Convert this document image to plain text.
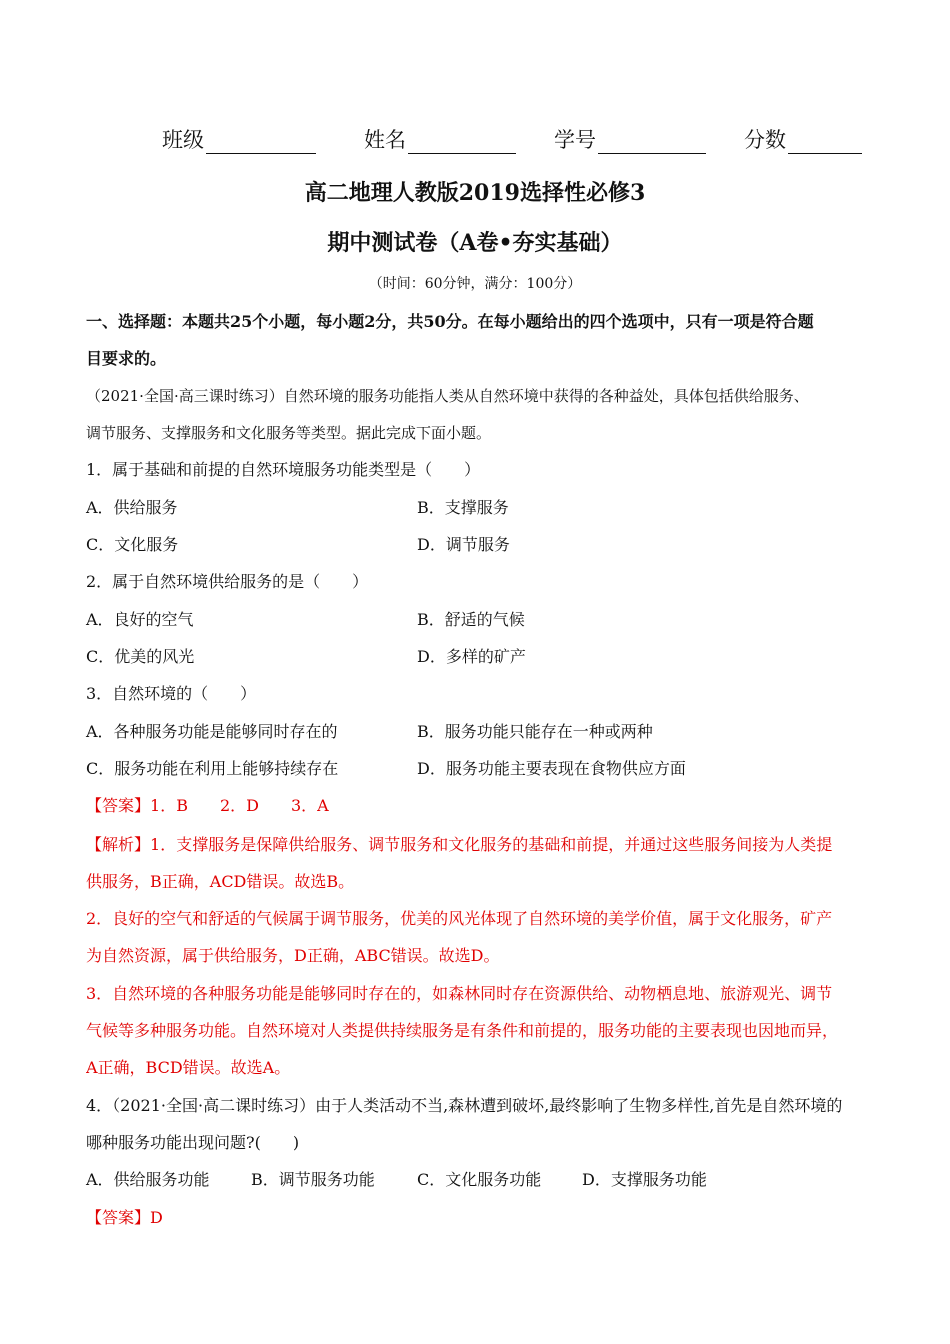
班级	姓名	学号	分数
高二地理人教版2019选择性必修3
期中测试卷（A卷•夯实基础）
（时间：60分钟，满分：100分）
一、选择题：本题共25个小题，每小题2分，共50分。在每小题给出的四个选项中，只有一项是符合题
目要求的。
（2021·全国·高三课时练习）自然环境的服务功能指人类从自然环境中获得的各种益处，具体包括供给服务、
调节服务、支撑服务和文化服务等类型。据此完成下面小题。
1．属于基础和前提的自然环境服务功能类型是（　　）
A．供给服务	B．支撑服务
C．文化服务	D．调节服务
2．属于自然环境供给服务的是（　　）
A．良好的空气	B．舒适的气候
C．优美的风光	D．多样的矿产
3．自然环境的（　　）
A．各种服务功能是能够同时存在的	B．服务功能只能存在一种或两种
C．服务功能在利用上能够持续存在	D．服务功能主要表现在食物供应方面
【答案】1．B　　2．D　　3．A
【解析】1．支撑服务是保障供给服务、调节服务和文化服务的基础和前提，并通过这些服务间接为人类提
供服务，B正确，ACD错误。故选B。
2．良好的空气和舒适的气候属于调节服务，优美的风光体现了自然环境的美学价值，属于文化服务，矿产
为自然资源，属于供给服务，D正确，ABC错误。故选D。
3．自然环境的各种服务功能是能够同时存在的，如森林同时存在资源供给、动物栖息地、旅游观光、调节
气候等多种服务功能。自然环境对人类提供持续服务是有条件和前提的，服务功能的主要表现也因地而异，
A正确，BCD错误。故选A。
4．（2021·全国·高二课时练习）由于人类活动不当,森林遭到破坏,最终影响了生物多样性,首先是自然环境的
哪种服务功能出现问题?(　　)
A．供给服务功能	B．调节服务功能	C．文化服务功能	D．支撑服务功能
【答案】D
